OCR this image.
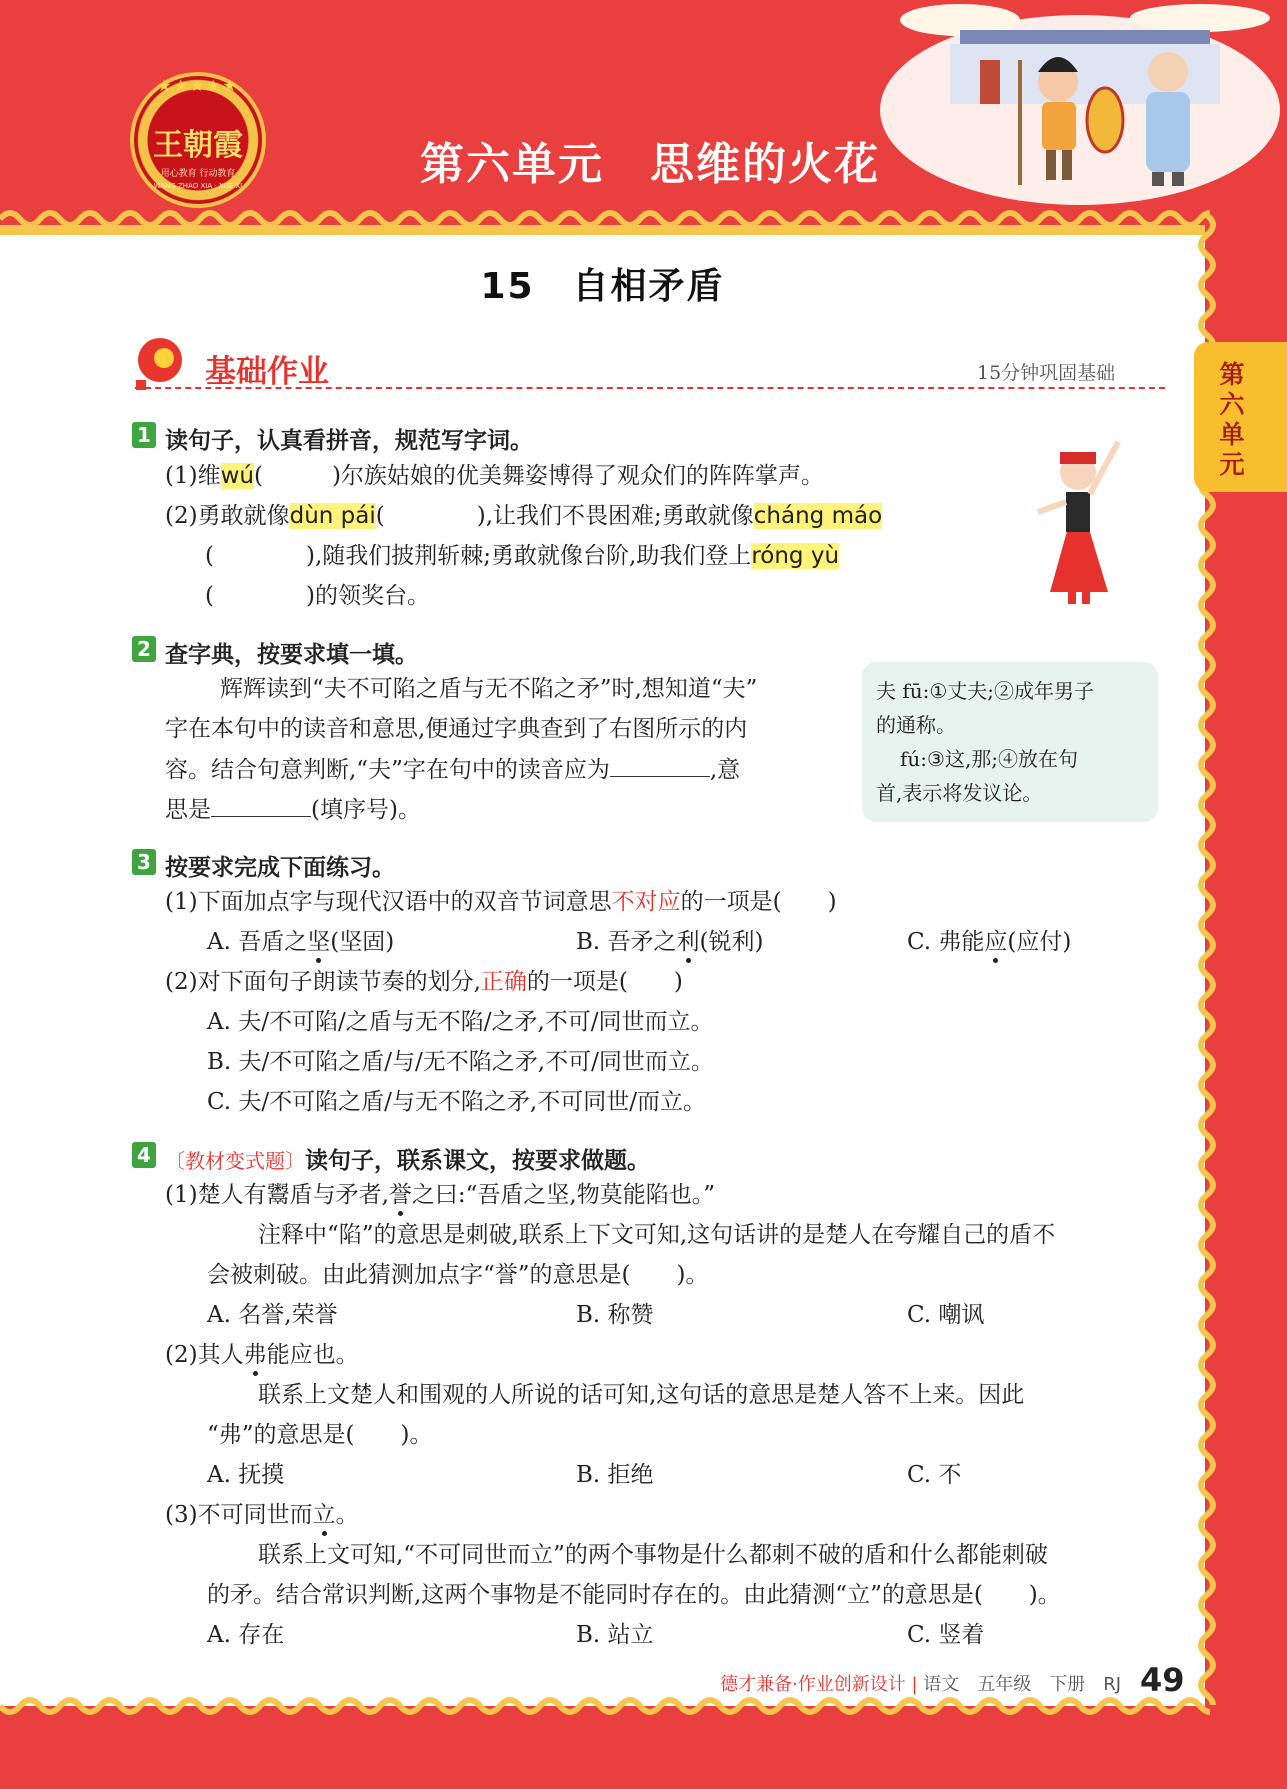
★★★★★
王朝霞
用心教育 行动教育
WANG ZHAO XIA · XUE XI	第六单元　思维的火花
第六单元
15　自相矛盾
基础作业	15分钟巩固基础
1 读句子，认真看拼音，规范写字词。
(1)维wú(　　　)尔族姑娘的优美舞姿博得了观众们的阵阵掌声。
(2)勇敢就像dùn pái(　　　　),让我们不畏困难;勇敢就像cháng máo
(　　　　),随我们披荆斩棘;勇敢就像台阶,助我们登上róng yù
(　　　　)的领奖台。
2 查字典，按要求填一填。
辉辉读到“夫不可陷之盾与无不陷之矛”时,想知道“夫”
字在本句中的读音和意思,便通过字典查到了右图所示的内
容。结合句意判断,“夫”字在句中的读音应为	,意
思是	(填序号)。
夫 fū:①丈夫;②成年男子
的通称。
fú:③这,那;④放在句
首,表示将发议论。
3 按要求完成下面练习。
(1)下面加点字与现代汉语中的双音节词意思不对应的一项是(　　)
A. 吾盾之坚(坚固)	B. 吾矛之利(锐利)	C. 弗能应(应付)
(2)对下面句子朗读节奏的划分,正确的一项是(　　)
A. 夫/不可陷/之盾与无不陷/之矛,不可/同世而立。
B. 夫/不可陷之盾/与/无不陷之矛,不可/同世而立。
C. 夫/不可陷之盾/与无不陷之矛,不可同世/而立。
4 〔教材变式题〕读句子，联系课文，按要求做题。
(1)楚人有鬻盾与矛者,誉之曰:“吾盾之坚,物莫能陷也。”
注释中“陷”的意思是刺破,联系上下文可知,这句话讲的是楚人在夸耀自己的盾不
会被刺破。由此猜测加点字“誉”的意思是(　　)。
A. 名誉,荣誉	B. 称赞	C. 嘲讽
(2)其人弗能应也。
联系上文楚人和围观的人所说的话可知,这句话的意思是楚人答不上来。因此
“弗”的意思是(　　)。
A. 抚摸	B. 拒绝	C. 不
(3)不可同世而立。
联系上文可知,“不可同世而立”的两个事物是什么都刺不破的盾和什么都能刺破
的矛。结合常识判断,这两个事物是不能同时存在的。由此猜测“立”的意思是(　　)。
A. 存在	B. 站立	C. 竖着
德才兼备·作业创新设计 | 语文　五年级　下册　RJ 49
